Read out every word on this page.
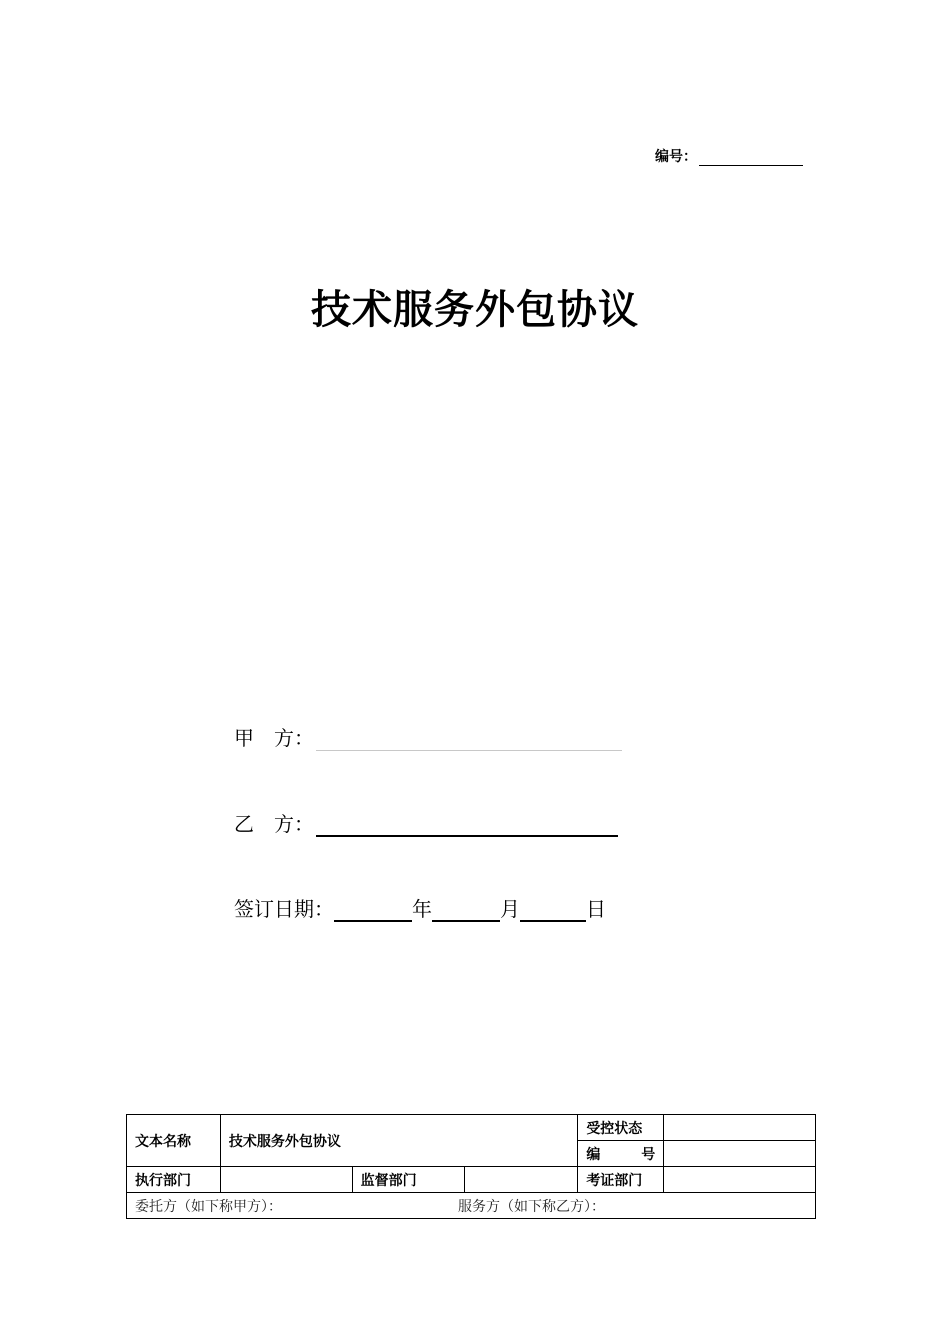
编号：
技术服务外包协议
甲　方：
乙　方：
签订日期：	年	月	日
文本名称	技术服务外包协议			受控状态	

				编 号	

执行部门		监督部门		考证部门	
委托方（如下称甲方）： 服务方（如下称乙方）：					
